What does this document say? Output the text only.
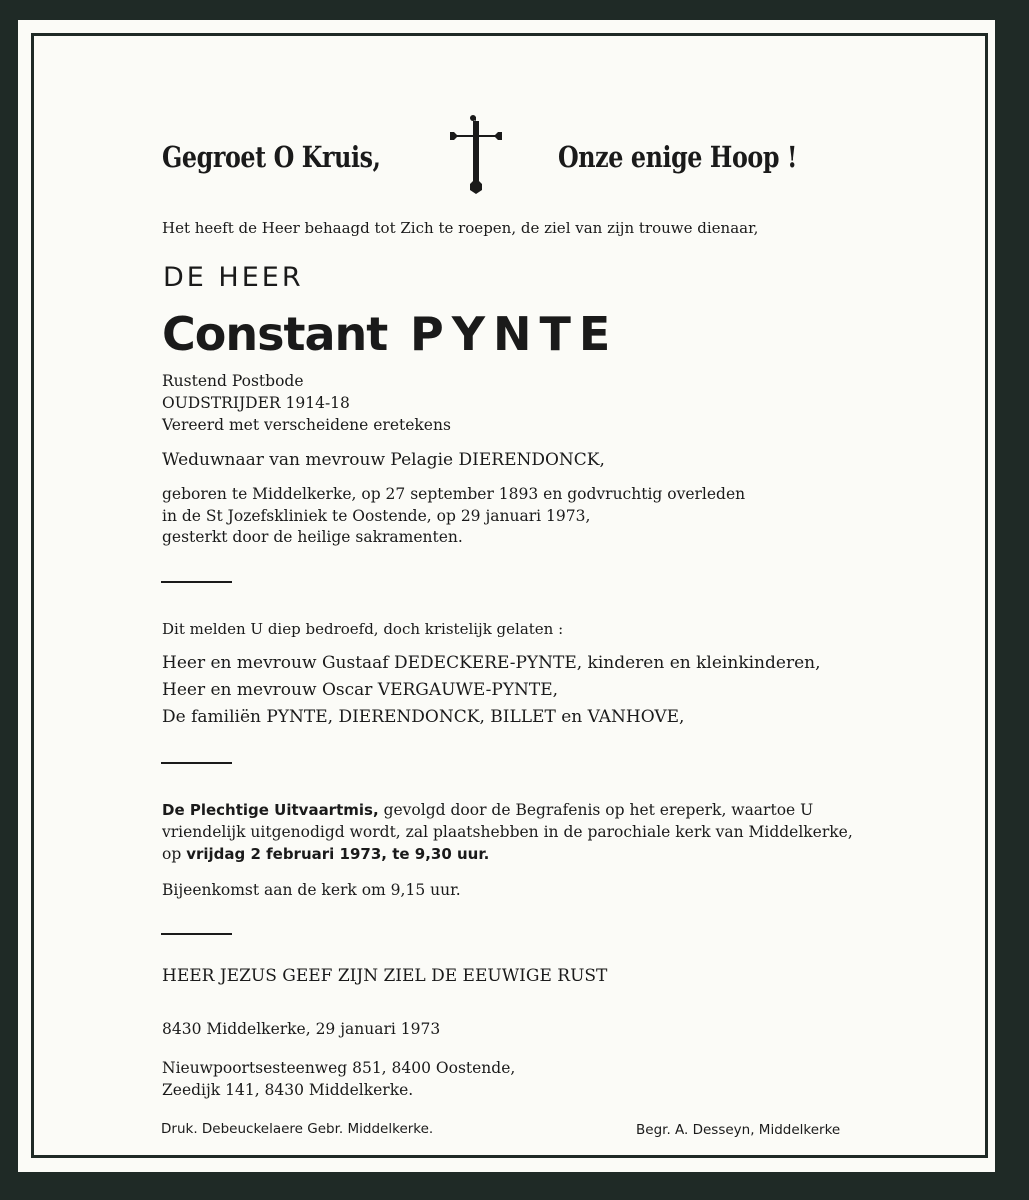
Gegroet O Kruis,	Onze enige Hoop !
Het heeft de Heer behaagd tot Zich te roepen, de ziel van zijn trouwe dienaar,
DE HEER
Constant PYNTE
Rustend Postbode
OUDSTRIJDER 1914-18
Vereerd met verscheidene eretekens
Weduwnaar van mevrouw Pelagie DIERENDONCK,
geboren te Middelkerke, op 27 september 1893 en godvruchtig overleden
in de St Jozefskliniek te Oostende, op 29 januari 1973,
gesterkt door de heilige sakramenten.
Dit melden U diep bedroefd, doch kristelijk gelaten :
Heer en mevrouw Gustaaf DEDECKERE-PYNTE, kinderen en kleinkinderen,
Heer en mevrouw Oscar VERGAUWE-PYNTE,
De familiën PYNTE, DIERENDONCK, BILLET en VANHOVE,
De Plechtige Uitvaartmis, gevolgd door de Begrafenis op het ereperk, waartoe U
vriendelijk uitgenodigd wordt, zal plaatshebben in de parochiale kerk van Middelkerke,
op vrijdag 2 februari 1973, te 9,30 uur.
Bijeenkomst aan de kerk om 9,15 uur.
HEER JEZUS GEEF ZIJN ZIEL DE EEUWIGE RUST
8430 Middelkerke, 29 januari 1973
Nieuwpoortsesteenweg 851, 8400 Oostende,
Zeedijk 141, 8430 Middelkerke.
Druk. Debeuckelaere Gebr. Middelkerke.	Begr. A. Desseyn, Middelkerke
